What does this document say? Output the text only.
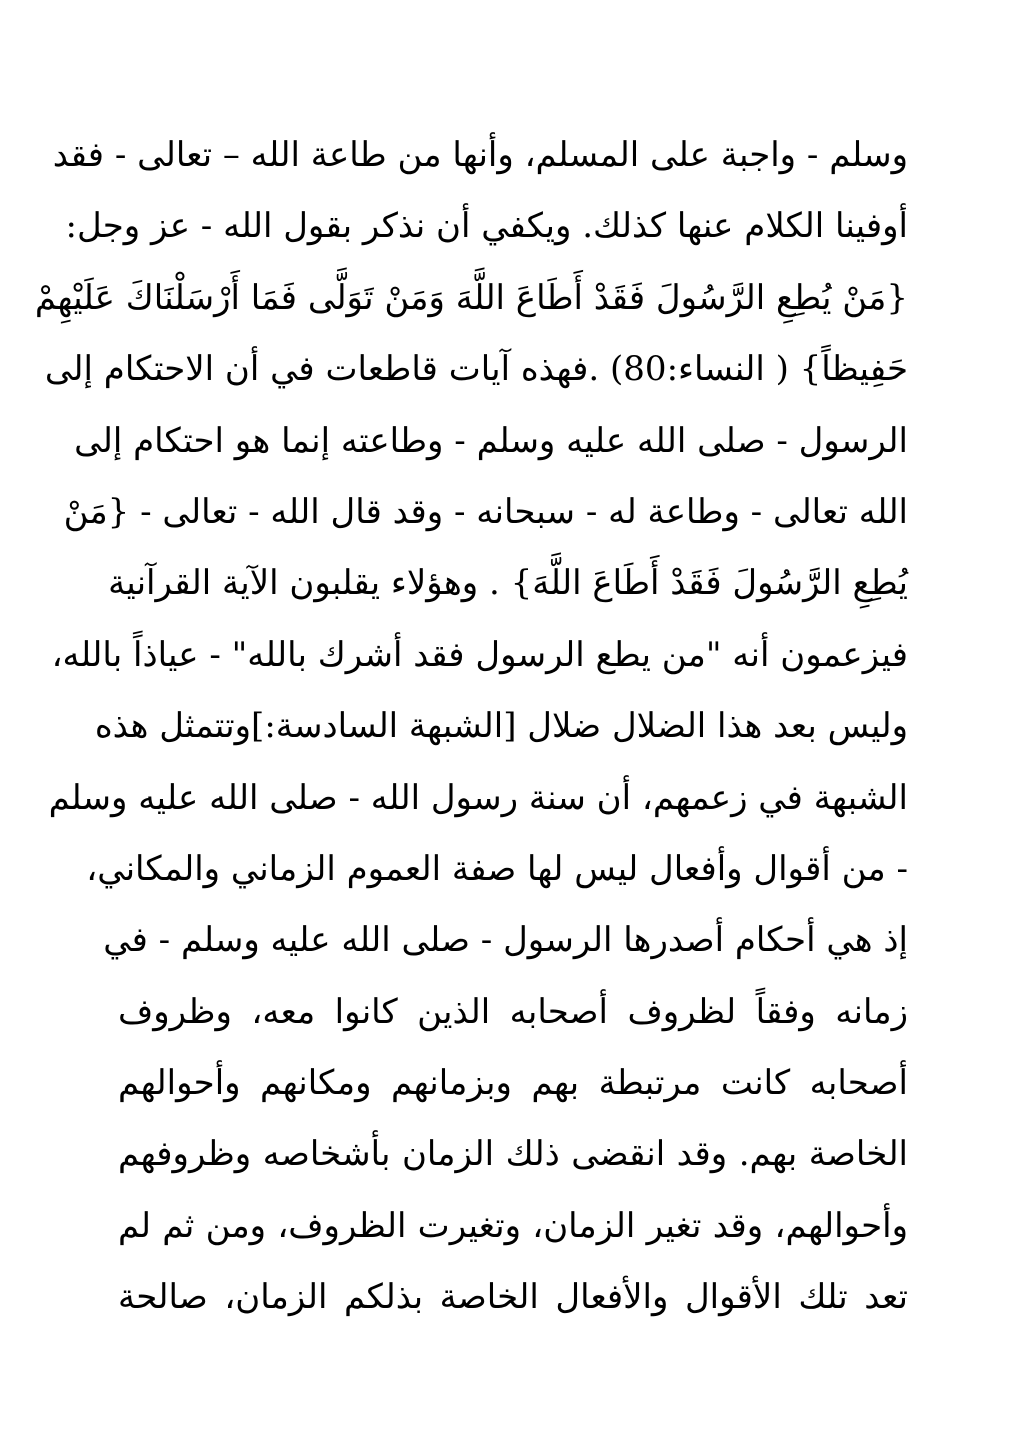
وسلم - واجبة على المسلم، وأنها من طاعة الله – تعالى - فقد
أوفينا الكلام عنها كذلك. ويكفي أن نذكر بقول الله - عز وجل:
{مَنْ يُطِعِ الرَّسُولَ فَقَدْ أَطَاعَ اللَّهَ وَمَنْ تَوَلَّى فَمَا أَرْسَلْنَاكَ عَلَيْهِمْ
حَفِيظاً} ( النساء:80) .فهذه آيات قاطعات في أن الاحتكام إلى
الرسول - صلى الله عليه وسلم - وطاعته إنما هو احتكام إلى
الله تعالى - وطاعة له - سبحانه - وقد قال الله - تعالى - {مَنْ
يُطِعِ الرَّسُولَ فَقَدْ أَطَاعَ اللَّهَ} . وهؤلاء يقلبون الآية القرآنية
فيزعمون أنه "من يطع الرسول فقد أشرك بالله" - عياذاً بالله،
وليس بعد هذا الضلال ضلال [الشبهة السادسة:]وتتمثل هذه
الشبهة في زعمهم، أن سنة رسول الله - صلى الله عليه وسلم
- من أقوال وأفعال ليس لها صفة العموم الزماني والمكاني،
إذ هي أحكام أصدرها الرسول - صلى الله عليه وسلم - في
زمانه وفقاً لظروف أصحابه الذين كانوا معه، وظروف
أصحابه كانت مرتبطة بهم وبزمانهم ومكانهم وأحوالهم
الخاصة بهم. وقد انقضى ذلك الزمان بأشخاصه وظروفهم
وأحوالهم، وقد تغير الزمان، وتغيرت الظروف، ومن ثم لم
تعد تلك الأقوال والأفعال الخاصة بذلكم الزمان، صالحة
